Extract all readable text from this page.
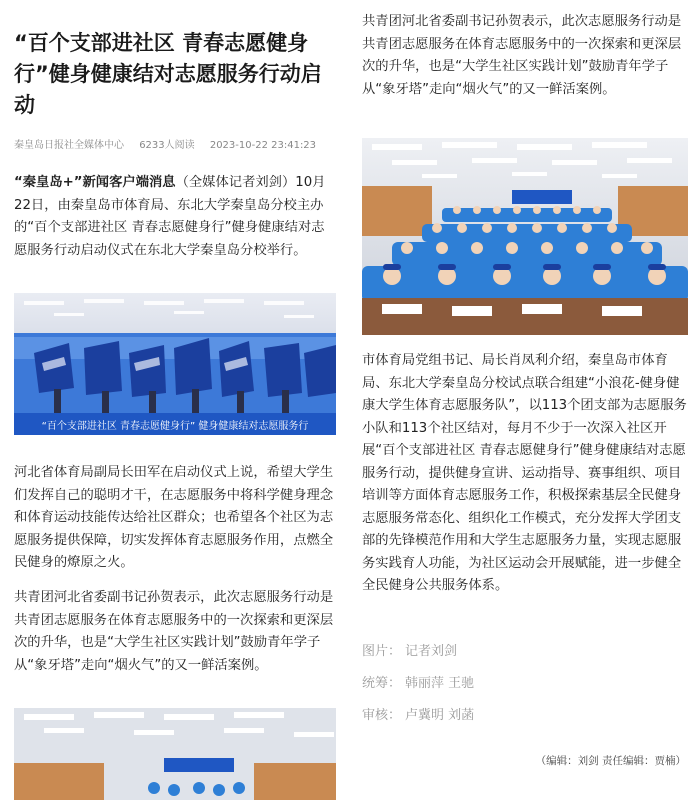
“百个支部进社区 青春志愿健身行”健身健康结对志愿服务行动启动
秦皇岛日报社全媒体中心 6233人阅读 2023-10-22 23:41:23
“秦皇岛+”新闻客户端消息（全媒体记者刘剑）10月22日，由秦皇岛市体育局、东北大学秦皇岛分校主办的“百个支部进社区 青春志愿健身行”健身健康结对志愿服务行动启动仪式在东北大学秦皇岛分校举行。
“百个支部进社区 青春志愿健身行” 健身健康结对志愿服务行
河北省体育局副局长田军在启动仪式上说，希望大学生们发挥自己的聪明才干，在志愿服务中将科学健身理念和体育运动技能传达给社区群众；也希望各个社区为志愿服务提供保障，切实发挥体育志愿服务作用，点燃全民健身的燎原之火。
共青团河北省委副书记孙贺表示，此次志愿服务行动是共青团志愿服务在体育志愿服务中的一次探索和更深层次的升华，也是“大学生社区实践计划”鼓励青年学子从“象牙塔”走向“烟火气”的又一鲜活案例。
共青团河北省委副书记孙贺表示，此次志愿服务行动是共青团志愿服务在体育志愿服务中的一次探索和更深层次的升华，也是“大学生社区实践计划”鼓励青年学子从“象牙塔”走向“烟火气”的又一鲜活案例。
市体育局党组书记、局长肖凤利介绍，秦皇岛市体育局、东北大学秦皇岛分校试点联合组建“小浪花-健身健康大学生体育志愿服务队”，以113个团支部为志愿服务小队和113个社区结对，每月不少于一次深入社区开展“百个支部进社区 青春志愿健身行”健身健康结对志愿服务行动，提供健身宣讲、运动指导、赛事组织、项目培训等方面体育志愿服务工作，积极探索基层全民健身志愿服务常态化、组织化工作模式，充分发挥大学团支部的先锋模范作用和大学生志愿服务力量，实现志愿服务实践育人功能，为社区运动会开展赋能，进一步健全全民健身公共服务体系。
图片： 记者刘剑
统筹： 韩丽萍 王驰
审核： 卢冀明 刘菡
（编辑：刘剑 责任编辑：贾楠）
